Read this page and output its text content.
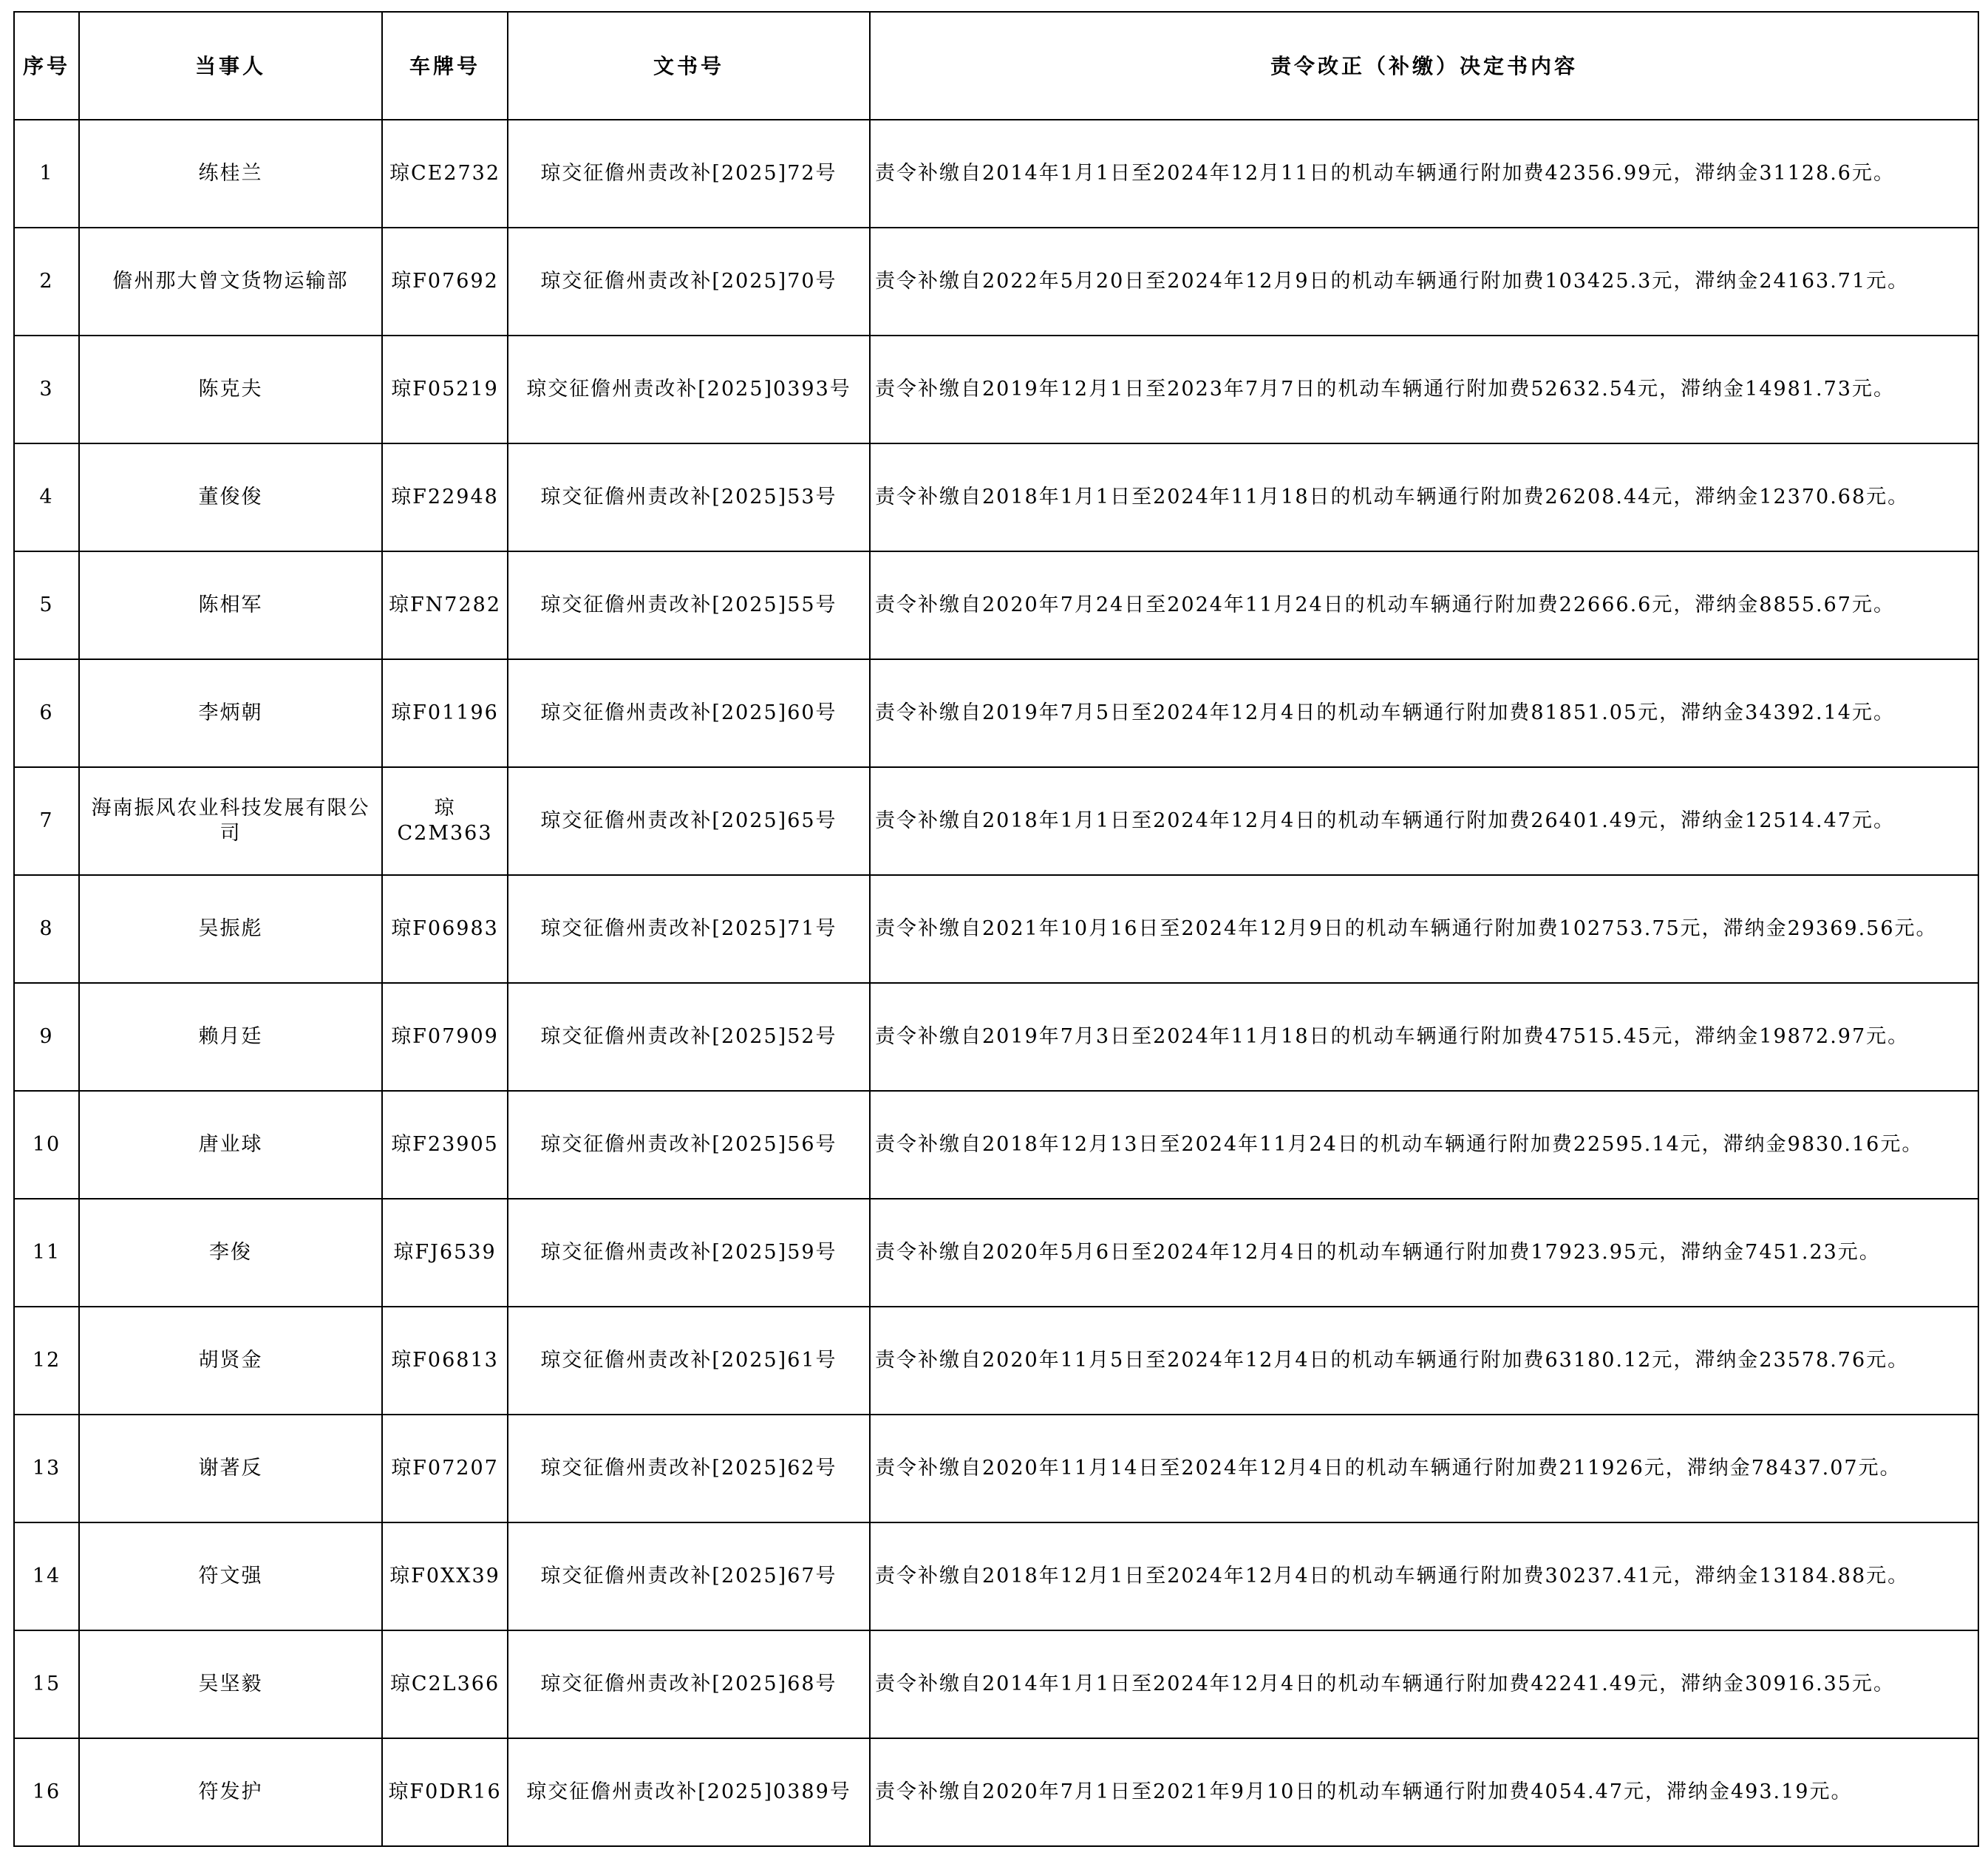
序号	当事人	车牌号	文书号	责令改正（补缴）决定书内容
1	练桂兰	琼CE2732	琼交征儋州责改补[2025]72号	责令补缴自2014年1月1日至2024年12月11日的机动车辆通行附加费42356.99元，滞纳金31128.6元。
2	儋州那大曾文货物运输部	琼F07692	琼交征儋州责改补[2025]70号	责令补缴自2022年5月20日至2024年12月9日的机动车辆通行附加费103425.3元，滞纳金24163.71元。
3	陈克夫	琼F05219	琼交征儋州责改补[2025]0393号	责令补缴自2019年12月1日至2023年7月7日的机动车辆通行附加费52632.54元，滞纳金14981.73元。
4	董俊俊	琼F22948	琼交征儋州责改补[2025]53号	责令补缴自2018年1月1日至2024年11月18日的机动车辆通行附加费26208.44元，滞纳金12370.68元。
5	陈相军	琼FN7282	琼交征儋州责改补[2025]55号	责令补缴自2020年7月24日至2024年11月24日的机动车辆通行附加费22666.6元，滞纳金8855.67元。
6	李炳朝	琼F01196	琼交征儋州责改补[2025]60号	责令补缴自2019年7月5日至2024年12月4日的机动车辆通行附加费81851.05元，滞纳金34392.14元。
7	海南振风农业科技发展有限公司	琼C2M363	琼交征儋州责改补[2025]65号	责令补缴自2018年1月1日至2024年12月4日的机动车辆通行附加费26401.49元，滞纳金12514.47元。
8	吴振彪	琼F06983	琼交征儋州责改补[2025]71号	责令补缴自2021年10月16日至2024年12月9日的机动车辆通行附加费102753.75元，滞纳金29369.56元。
9	赖月廷	琼F07909	琼交征儋州责改补[2025]52号	责令补缴自2019年7月3日至2024年11月18日的机动车辆通行附加费47515.45元，滞纳金19872.97元。
10	唐业球	琼F23905	琼交征儋州责改补[2025]56号	责令补缴自2018年12月13日至2024年11月24日的机动车辆通行附加费22595.14元，滞纳金9830.16元。
11	李俊	琼FJ6539	琼交征儋州责改补[2025]59号	责令补缴自2020年5月6日至2024年12月4日的机动车辆通行附加费17923.95元，滞纳金7451.23元。
12	胡贤金	琼F06813	琼交征儋州责改补[2025]61号	责令补缴自2020年11月5日至2024年12月4日的机动车辆通行附加费63180.12元，滞纳金23578.76元。
13	谢著反	琼F07207	琼交征儋州责改补[2025]62号	责令补缴自2020年11月14日至2024年12月4日的机动车辆通行附加费211926元，滞纳金78437.07元。
14	符文强	琼F0XX39	琼交征儋州责改补[2025]67号	责令补缴自2018年12月1日至2024年12月4日的机动车辆通行附加费30237.41元，滞纳金13184.88元。
15	吴坚毅	琼C2L366	琼交征儋州责改补[2025]68号	责令补缴自2014年1月1日至2024年12月4日的机动车辆通行附加费42241.49元，滞纳金30916.35元。
16	符发护	琼F0DR16	琼交征儋州责改补[2025]0389号	责令补缴自2020年7月1日至2021年9月10日的机动车辆通行附加费4054.47元，滞纳金493.19元。
